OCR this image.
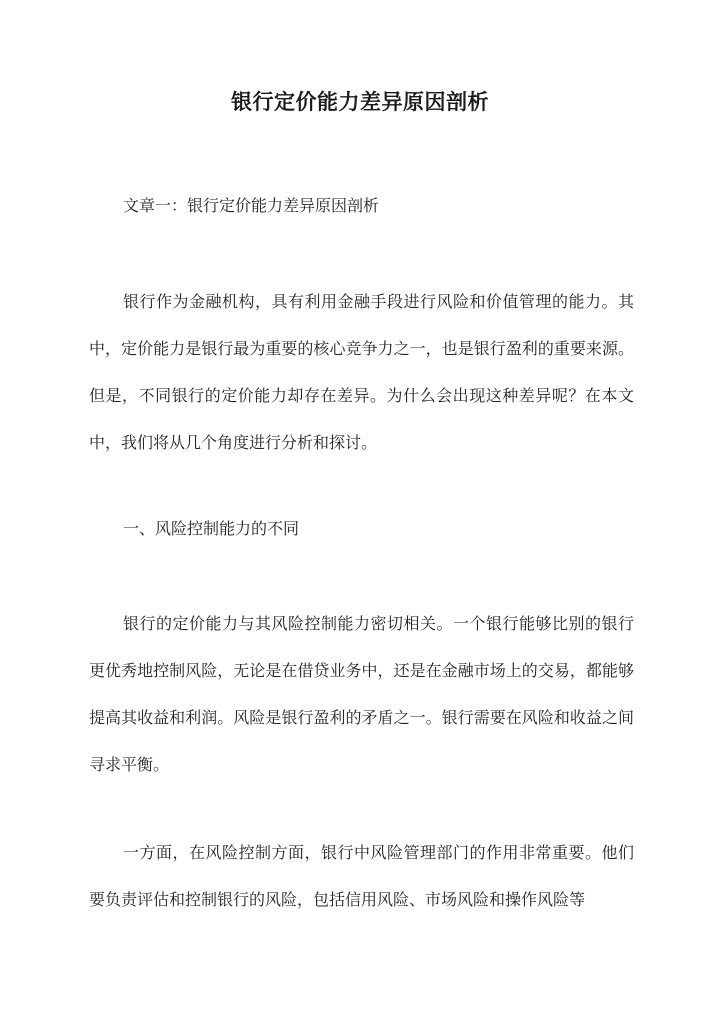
银行定价能力差异原因剖析
文章一：银行定价能力差异原因剖析
银行作为金融机构，具有利用金融手段进行风险和价值管理的能力。其中，定价能力是银行最为重要的核心竞争力之一，也是银行盈利的重要来源。但是，不同银行的定价能力却存在差异。为什么会出现这种差异呢？在本文中，我们将从几个角度进行分析和探讨。
一、风险控制能力的不同
银行的定价能力与其风险控制能力密切相关。一个银行能够比别的银行更优秀地控制风险，无论是在借贷业务中，还是在金融市场上的交易，都能够提高其收益和利润。风险是银行盈利的矛盾之一。银行需要在风险和收益之间寻求平衡。
一方面，在风险控制方面，银行中风险管理部门的作用非常重要。他们要负责评估和控制银行的风险，包括信用风险、市场风险和操作风险等
